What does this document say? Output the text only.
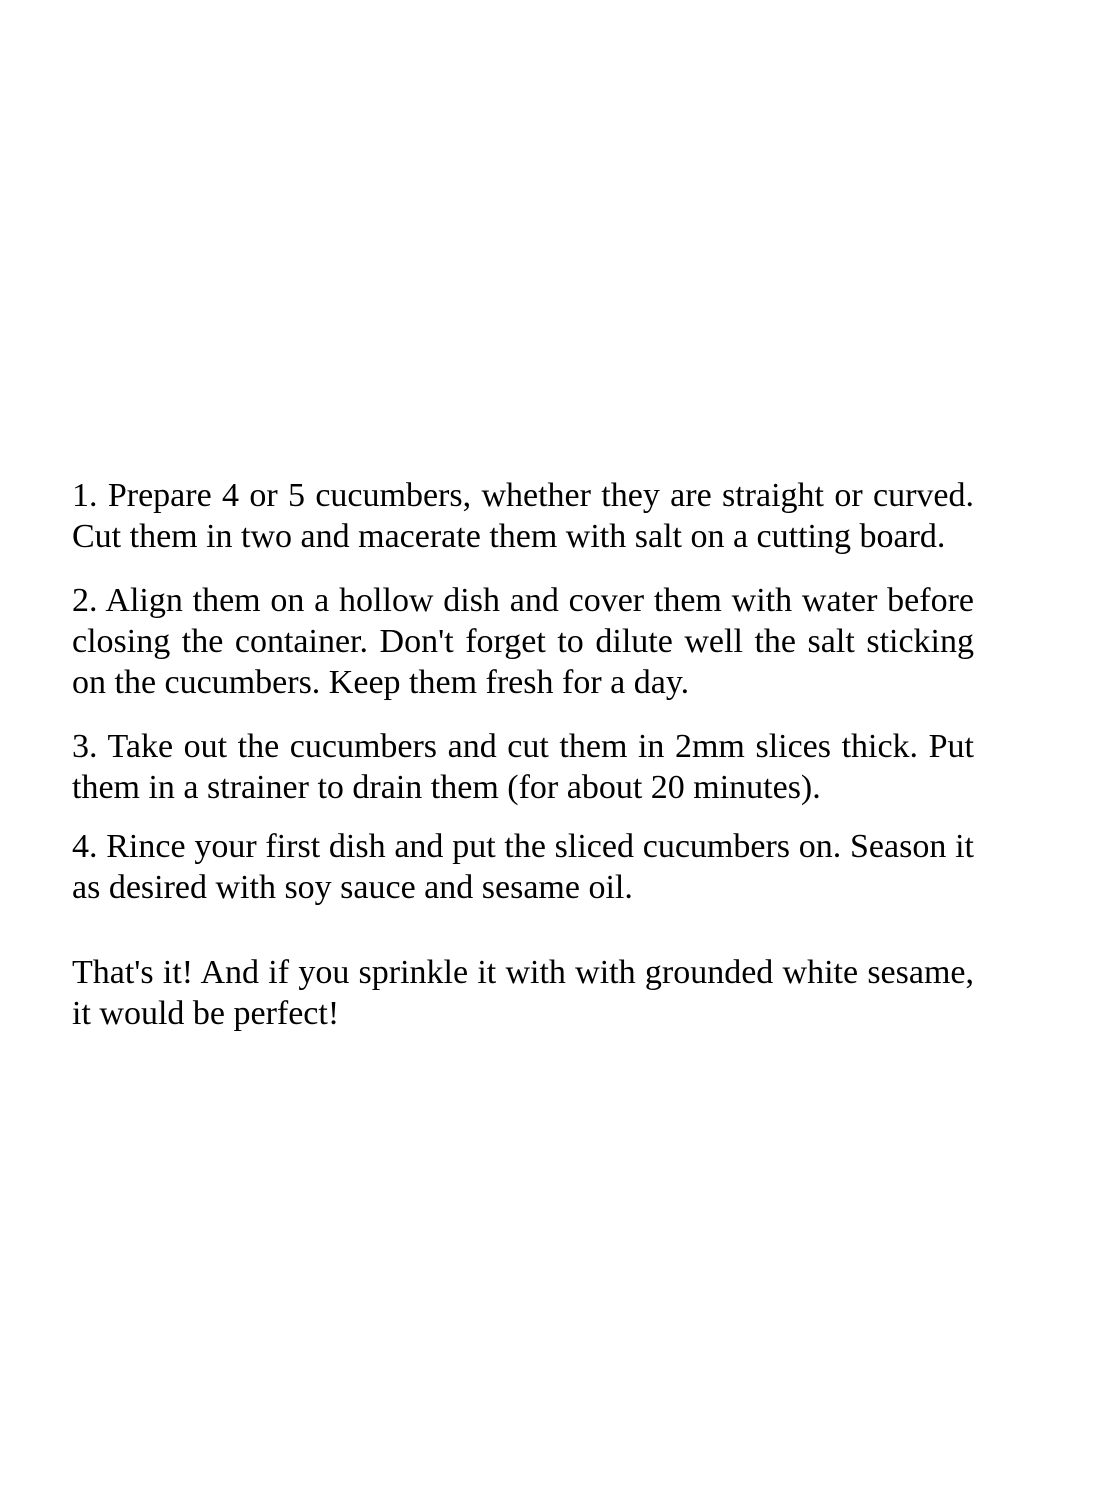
1. Prepare 4 or 5 cucumbers, whether they are straight or curved. Cut them in two and macerate them with salt on a cutting board.

2. Align them on a hollow dish and cover them with water before closing the container. Don't forget to dilute well the salt sticking on the cucumbers. Keep them fresh for a day.

3. Take out the cucumbers and cut them in 2mm slices thick. Put them in a strainer to drain them (for about 20 minutes).

4. Rince your first dish and put the sliced cucumbers on. Season it as desired with soy sauce and sesame oil.

That's it! And if you sprinkle it with with grounded white sesame, it would be perfect!
